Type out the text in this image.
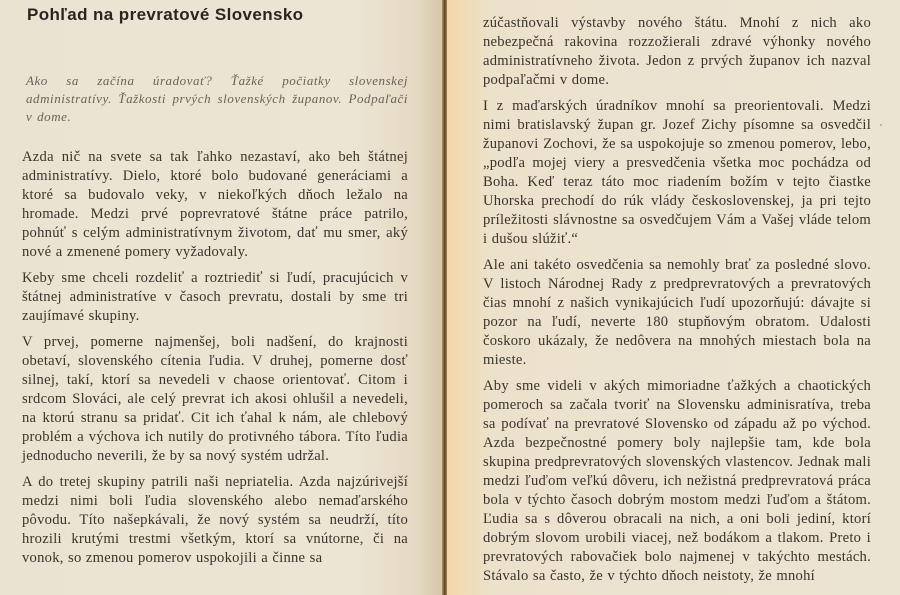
Pohľad na prevratové Slovensko

Ako sa začína úradovať? Ťažké počiatky slovenskej administratívy. Ťažkosti prvých slovenských županov. Podpaľači v dome.

Azda nič na svete sa tak ľahko nezastaví, ako beh štátnej administratívy. Dielo, ktoré bolo budované generáciami a ktoré sa budovalo veky, v niekoľkých dňoch ležalo na hromade. Medzi prvé poprevratové štátne práce patrilo, pohnúť s celým administratívnym životom, dať mu smer, aký nové a zmenené pomery vyžadovaly.

Keby sme chceli rozdeliť a roztriediť si ľudí, pracujúcich v štátnej administratíve v časoch prevratu, dostali by sme tri zaujímavé skupiny.

V prvej, pomerne najmenšej, boli nadšení, do krajnosti obetaví, slovenského cítenia ľudia. V druhej, pomerne dosť silnej, takí, ktorí sa nevedeli v chaose orientovať. Citom i srdcom Slováci, ale celý prevrat ich akosi ohlušil a nevedeli, na ktorú stranu sa pridať. Cit ich ťahal k nám, ale chlebový problém a výchova ich nutily do protivného tábora. Títo ľudia jednoducho neverili, že by sa nový systém udržal.

A do tretej skupiny patrili naši nepriatelia. Azda najzúrivejší medzi nimi boli ľudia slovenského alebo nemaďarského pôvodu. Títo našepkávali, že nový systém sa neudrží, títo hrozili krutými trestmi všetkým, ktorí sa vnútorne, či na vonok, so zmenou pomerov uspokojili a činne sa

zúčastňovali výstavby nového štátu. Mnohí z nich ako nebezpečná rakovina rozzožierali zdravé výhonky nového administratívneho života. Jedon z prvých županov ich nazval podpaľačmi v dome.

I z maďarských úradníkov mnohí sa preorientovali. Medzi nimi bratislavský župan gr. Jozef Zichy písomne sa osvedčil županovi Zochovi, že sa uspokojuje so zmenou pomerov, lebo, „podľa mojej viery a presvedčenia všetka moc pochádza od Boha. Keď teraz táto moc riadením božím v tejto čiastke Uhorska prechodí do rúk vlády československej, ja pri tejto príležitosti slávnostne sa osvedčujem Vám a Vašej vláde telom i dušou slúžiť.“

Ale ani takéto osvedčenia sa nemohly brať za posledné slovo. V listoch Národnej Rady z predprevratových a prevratových čias mnohí z našich vynikajúcich ľudí upozorňujú: dávajte si pozor na ľudí, neverte 180 stupňovým obratom. Udalosti čoskoro ukázaly, že nedôvera na mnohých miestach bola na mieste.

Aby sme videli v akých mimoriadne ťažkých a chaotických pomeroch sa začala tvoriť na Slovensku adminisratíva, treba sa podívať na prevratové Slovensko od západu až po východ. Azda bezpečnostné pomery boly najlepšie tam, kde bola skupina predprevratových slovenských vlastencov. Jednak mali medzi ľuďom veľkú dôveru, ich nežistná predprevratová práca bola v týchto časoch dobrým mostom medzi ľuďom a štátom. Ľudia sa s dôverou obracali na nich, a oni boli jediní, ktorí dobrým slovom urobili viacej, než bodákom a tlakom. Preto i prevratových rabovačiek bolo najmenej v takýchto mestách. Stávalo sa často, že v týchto dňoch neistoty, že mnohí
